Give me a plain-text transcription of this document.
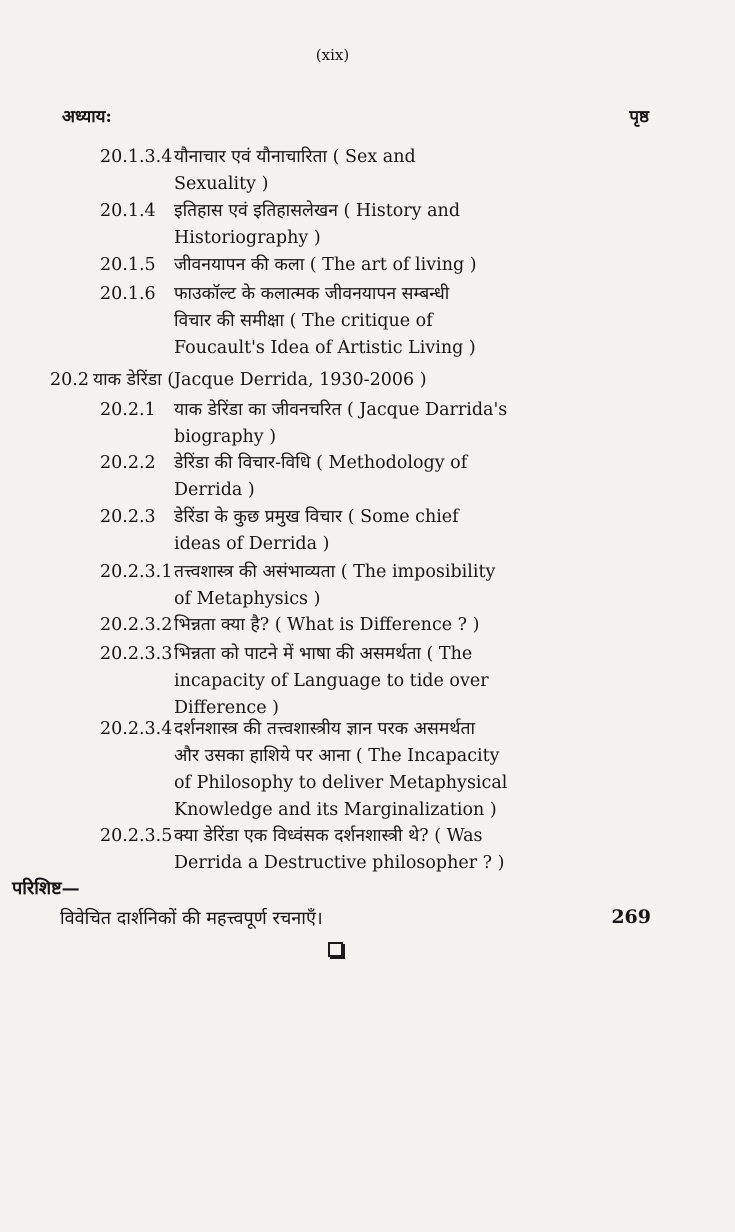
(xix)
अध्याय:	पृष्ठ
20.1.3.4 यौनाचार एवं यौनाचारिता ( Sex and
Sexuality )
20.1.4 इतिहास एवं इतिहासलेखन ( History and
Historiography )
20.1.5 जीवनयापन की कला ( The art of living )
20.1.6 फाउकॉल्ट के कलात्मक जीवनयापन सम्बन्धी
विचार की समीक्षा ( The critique of
Foucault's Idea of Artistic Living )
20.2 याक डेरिंडा (Jacque Derrida, 1930-2006 )
20.2.1 याक डेरिंडा का जीवनचरित ( Jacque Darrida's
biography )
20.2.2 डेरिंडा की विचार-विधि ( Methodology of
Derrida )
20.2.3 डेरिंडा के कुछ प्रमुख विचार ( Some chief
ideas of Derrida )
20.2.3.1 तत्त्वशास्त्र की असंभाव्यता ( The imposibility
of Metaphysics )
20.2.3.2 भिन्नता क्या है? ( What is Difference ? )
20.2.3.3 भिन्नता को पाटने में भाषा की असमर्थता ( The
incapacity of Language to tide over
Difference )
20.2.3.4 दर्शनशास्त्र की तत्त्वशास्त्रीय ज्ञान परक असमर्थता
और उसका हाशिये पर आना ( The Incapacity
of Philosophy to deliver Metaphysical
Knowledge and its Marginalization )
20.2.3.5 क्या डेरिंडा एक विध्वंसक दर्शनशास्त्री थे? ( Was
Derrida a Destructive philosopher ? )
परिशिष्ट—
विवेचित दार्शनिकों की महत्त्वपूर्ण रचनाएँ।	269
